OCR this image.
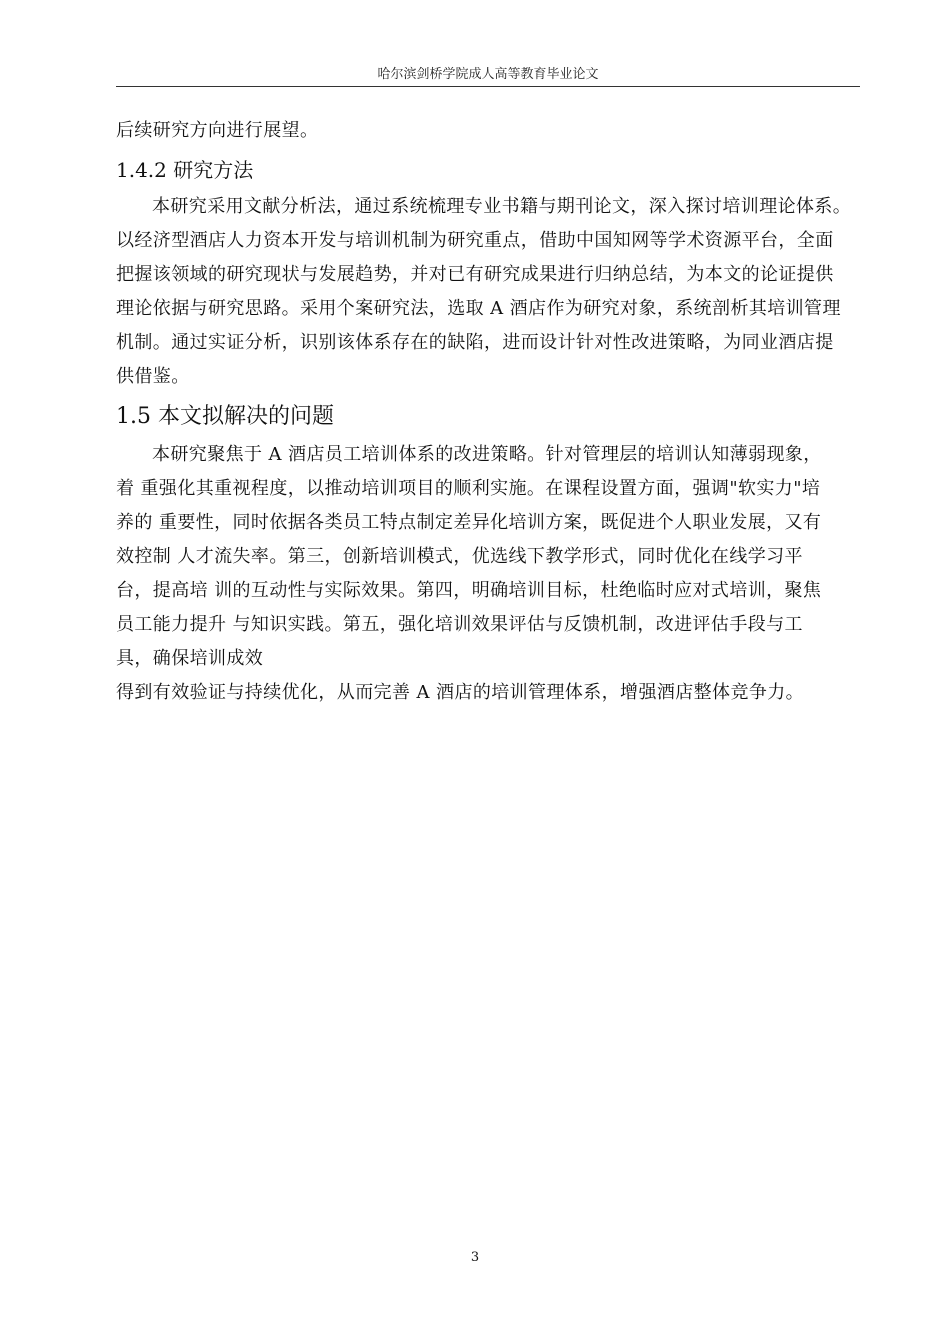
哈尔滨剑桥学院成人高等教育毕业论文
后续研究方向进行展望。
1.4.2 研究方法
本研究采用文献分析法，通过系统梳理专业书籍与期刊论文，深入探讨培训理论体系。
以经济型酒店人力资本开发与培训机制为研究重点，借助中国知网等学术资源平台，全面
把握该领域的研究现状与发展趋势，并对已有研究成果进行归纳总结，为本文的论证提供
理论依据与研究思路。采用个案研究法，选取 A 酒店作为研究对象，系统剖析其培训管理
机制。通过实证分析，识别该体系存在的缺陷，进而设计针对性改进策略，为同业酒店提
供借鉴。
1.5 本文拟解决的问题
本研究聚焦于 A 酒店员工培训体系的改进策略。针对管理层的培训认知薄弱现象，
着 重强化其重视程度，以推动培训项目的顺利实施。在课程设置方面，强调"软实力"培
养的 重要性，同时依据各类员工特点制定差异化培训方案，既促进个人职业发展，又有
效控制 人才流失率。第三，创新培训模式，优选线下教学形式，同时优化在线学习平
台，提高培 训的互动性与实际效果。第四，明确培训目标，杜绝临时应对式培训，聚焦
员工能力提升 与知识实践。第五，强化培训效果评估与反馈机制，改进评估手段与工
具，确保培训成效
得到有效验证与持续优化，从而完善 A 酒店的培训管理体系，增强酒店整体竞争力。
3
